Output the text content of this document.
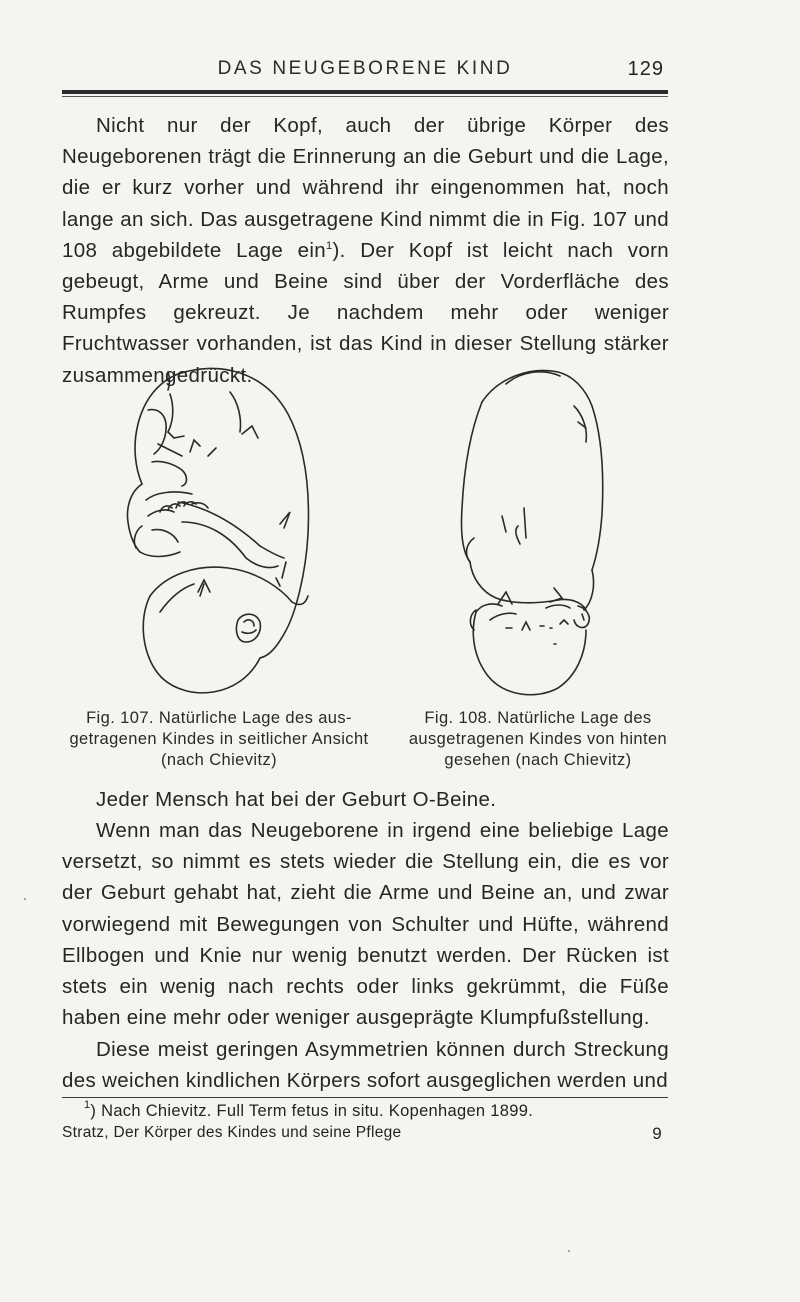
DAS NEUGEBORENE KIND	129

Nicht nur der Kopf, auch der übrige Körper des Neugeborenen trägt die Erinnerung an die Geburt und die Lage, die er kurz vorher und während ihr eingenommen hat, noch lange an sich. Das ausgetragene Kind nimmt die in Fig. 107 und 108 abgebildete Lage ein$^1$). Der Kopf ist leicht nach vorn gebeugt, Arme und Beine sind über der Vorderfläche des Rumpfes gekreuzt. Je nachdem mehr oder weniger Fruchtwasser vorhanden, ist das Kind in dieser Stellung stärker zusammengedrückt.

Fig. 107. Natürliche Lage des aus-
getragenen Kindes in seitlicher Ansicht
(nach Chievitz)
Fig. 108. Natürliche Lage des
ausgetragenen Kindes von hinten
gesehen (nach Chievitz)

Jeder Mensch hat bei der Geburt O-Beine.

Wenn man das Neugeborene in irgend eine beliebige Lage versetzt, so nimmt es stets wieder die Stellung ein, die es vor der Geburt gehabt hat, zieht die Arme und Beine an, und zwar vorwiegend mit Bewegungen von Schulter und Hüfte, während Ellbogen und Knie nur wenig benutzt werden. Der Rücken ist stets ein wenig nach rechts oder links gekrümmt, die Füße haben eine mehr oder weniger ausgeprägte Klumpfußstellung.

Diese meist geringen Asymmetrien können durch Streckung des weichen kindlichen Körpers sofort ausgeglichen werden und

$^1$) Nach Chievitz. Full Term fetus in situ. Kopenhagen 1899.
Stratz, Der Körper des Kindes und seine Pflege	9
